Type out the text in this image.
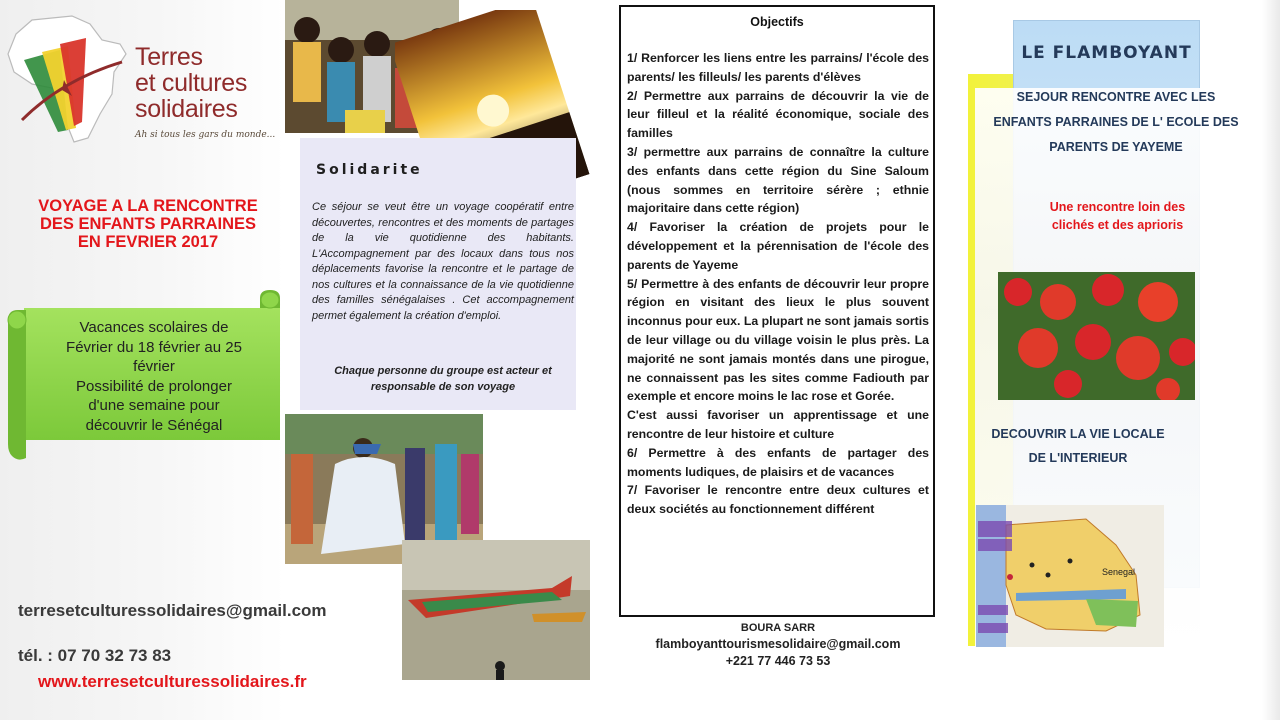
Terres
et cultures
solidaires
Ah si tous les gars du monde...
VOYAGE A LA RENCONTRE
DES ENFANTS PARRAINES
EN FEVRIER 2017
Vacances scolaires de
Février du 18 février au 25
février
Possibilité de prolonger
d'une semaine pour
découvrir le Sénégal
terresetculturessolidaires@gmail.com
tél. : 07 70 32 73 83
www.terresetculturessolidaires.fr
Solidarite
Ce séjour se veut être un voyage coopératif entre découvertes, rencontres et des moments de partages de la vie quotidienne des habitants. L'Accompagnement par des locaux dans tous nos déplacements favorise la rencontre et le partage de nos cultures et la connaissance de la vie quotidienne des familles sénégalaises . Cet accompagnement permet également la création d'emploi.
Chaque personne du groupe est acteur et responsable de son voyage
Objectifs

1/ Renforcer les liens entre les parrains/ l'école des parents/ les filleuls/ les parents d'élèves

2/ Permettre aux parrains de découvrir la vie de leur filleul et la réalité économique, sociale des familles

3/ permettre aux parrains de connaître la culture des enfants dans cette région du Sine Saloum (nous sommes en territoire sérère ; ethnie majoritaire dans cette région)

4/ Favoriser la création de projets pour le développement et la pérennisation de l'école des parents de Yayeme

5/ Permettre à des enfants de découvrir leur propre région en visitant des lieux le plus souvent inconnus pour eux. La plupart ne sont jamais sortis de leur village ou du village voisin le plus près. La majorité ne sont jamais montés dans une pirogue, ne connaissent pas les sites comme Fadiouth par exemple et encore moins le lac rose et Gorée.

C'est aussi favoriser un apprentissage et une rencontre de leur histoire et culture

6/ Permettre à des enfants de partager des moments ludiques, de plaisirs et de vacances

7/ Favoriser le rencontre entre deux cultures et deux sociétés au fonctionnement différent

BOURA SARR
flamboyanttourismesolidaire@gmail.com
+221 77 446 73 53
LE FLAMBOYANT
SEJOUR RENCONTRE AVEC LES
ENFANTS PARRAINES DE L' ECOLE DES
PARENTS DE YAYEME
Une rencontre loin des
clichés et des aprioris
DECOUVRIR LA VIE LOCALE
DE L'INTERIEUR
Senegal
